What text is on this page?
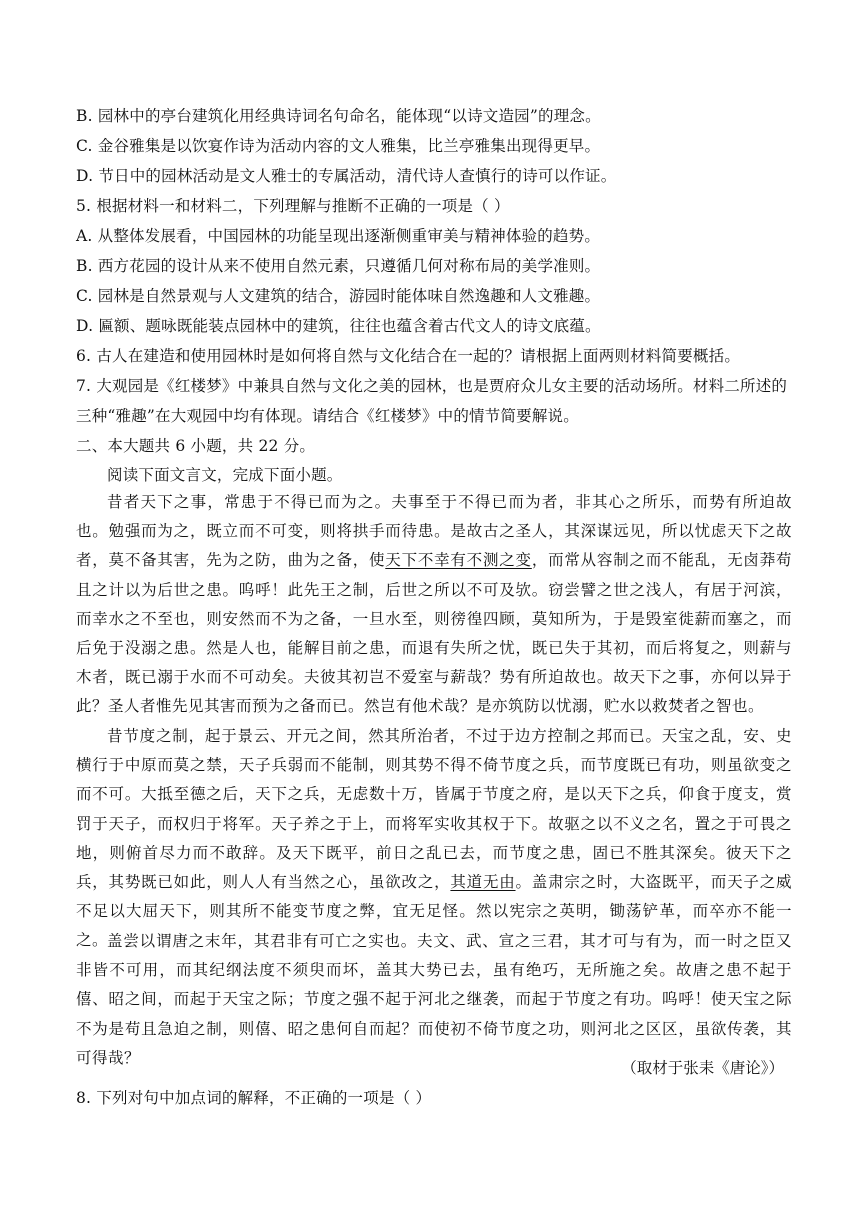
B. 园林中的亭台建筑化用经典诗词名句命名，能体现“以诗文造园”的理念。
C. 金谷雅集是以饮宴作诗为活动内容的文人雅集，比兰亭雅集出现得更早。
D. 节日中的园林活动是文人雅士的专属活动，清代诗人查慎行的诗可以作证。
5. 根据材料一和材料二，下列理解与推断不正确的一项是（ ）
A. 从整体发展看，中国园林的功能呈现出逐渐侧重审美与精神体验的趋势。
B. 西方花园的设计从来不使用自然元素，只遵循几何对称布局的美学准则。
C. 园林是自然景观与人文建筑的结合，游园时能体味自然逸趣和人文雅趣。
D. 匾额、题咏既能装点园林中的建筑，往往也蕴含着古代文人的诗文底蕴。
6. 古人在建造和使用园林时是如何将自然与文化结合在一起的？请根据上面两则材料简要概括。
7. 大观园是《红楼梦》中兼具自然与文化之美的园林，也是贾府众儿女主要的活动场所。材料二所述的
三种“雅趣”在大观园中均有体现。请结合《红楼梦》中的情节简要解说。
二、本大题共 6 小题，共 22 分。
阅读下面文言文，完成下面小题。
昔者天下之事，常患于不得已而为之。夫事至于不得已而为者，非其心之所乐，而势有所迫故也。勉强而为之，既立而不可变，则将拱手而待患。是故古之圣人，其深谋远见，所以忧虑天下之故者，莫不备其害，先为之防，曲为之备，使天下不幸有不测之变，而常从容制之而不能乱，无卤莽苟且之计以为后世之患。呜呼！此先王之制，后世之所以不可及欤。窃尝譬之世之浅人，有居于河滨，而幸水之不至也，则安然而不为之备，一旦水至，则徬徨四顾，莫知所为，于是毁室徙薪而塞之，而后免于没溺之患。然是人也，能解目前之患，而退有失所之忧，既已失于其初，而后将复之，则薪与木者，既已溺于水而不可动矣。夫彼其初岂不爱室与薪哉？势有所迫故也。故天下之事，亦何以异于此？圣人者惟先见其害而预为之备而已。然岂有他术哉？是亦筑防以忧溺，贮水以救焚者之智也。
昔节度之制，起于景云、开元之间，然其所治者，不过于边方控制之邦而已。天宝之乱，安、史横行于中原而莫之禁，天子兵弱而不能制，则其势不得不倚节度之兵，而节度既已有功，则虽欲变之而不可。大抵至德之后，天下之兵，无虑数十万，皆属于节度之府，是以天下之兵，仰食于度支，赏罚于天子，而权归于将军。天子养之于上，而将军实收其权于下。故驱之以不义之名，置之于可畏之地，则俯首尽力而不敢辞。及天下既平，前日之乱已去，而节度之患，固已不胜其深矣。彼天下之兵，其势既已如此，则人人有当然之心，虽欲改之，其道无由。盖肃宗之时，大盗既平，而天子之威不足以大屈天下，则其所不能变节度之弊，宜无足怪。然以宪宗之英明，锄荡铲革，而卒亦不能一之。
盖尝以谓唐之末年，其君非有可亡之实也。夫文、武、宣之三君，其才可与有为，而一时之臣又非皆不可用，而其纪纲法度不须臾而坏，盖其大势已去，虽有绝巧，无所施之矣。故唐之患不起于僖、昭之间，而起于天宝之际；节度之强不起于河北之继袭，而起于节度之有功。呜呼！使天宝之际不为是苟且急迫之制，则僖、昭之患何自而起？而使初不倚节度之功，则河北之区区，虽欲传袭，其可得哉？
（取材于张耒《唐论》）
8. 下列对句中加点词的解释，不正确的一项是（ ）
